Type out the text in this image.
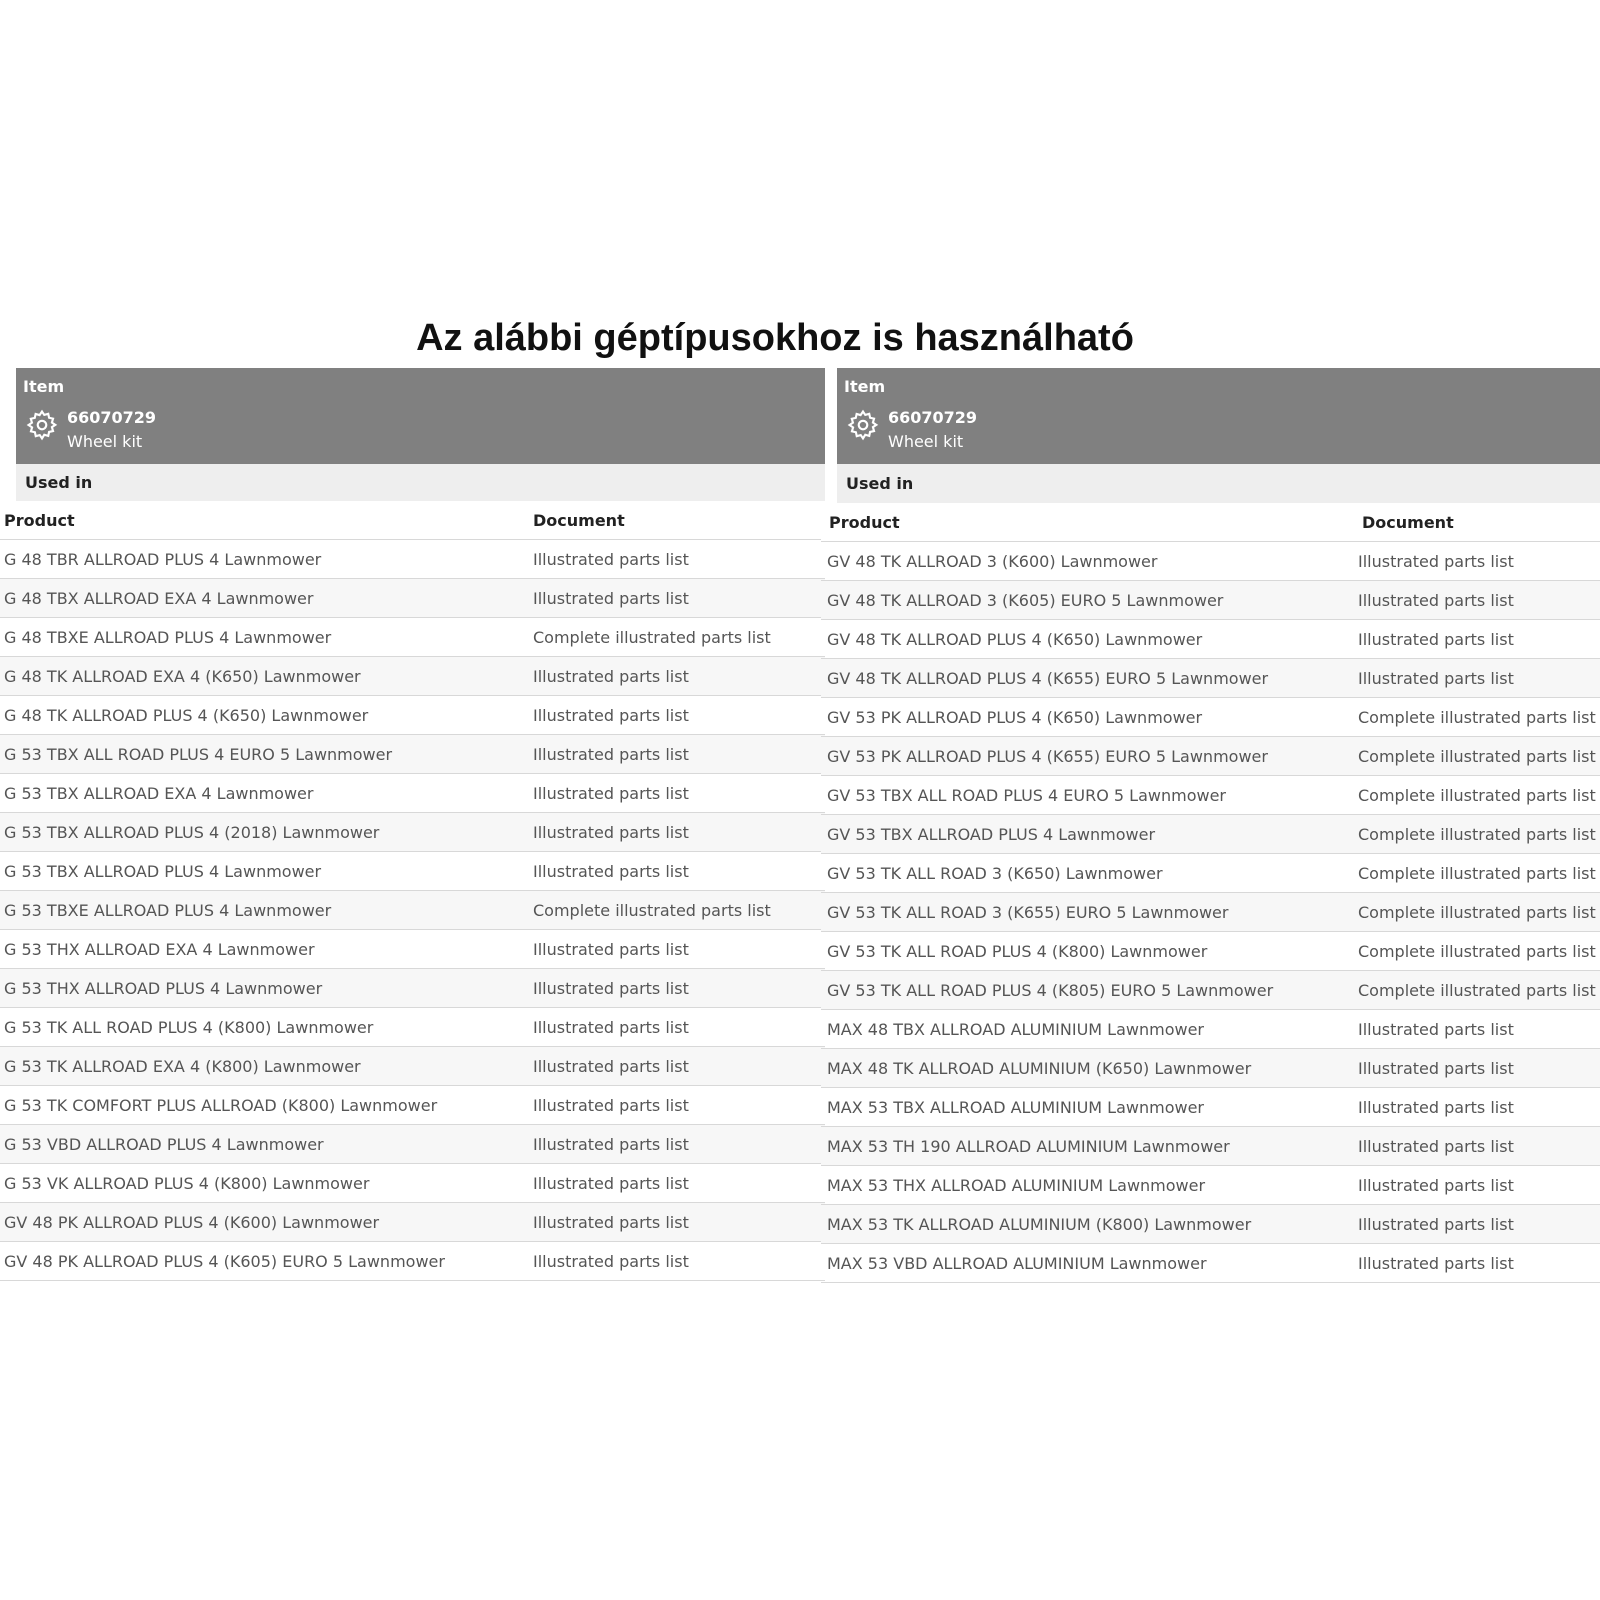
Az alábbi géptípusokhoz is használható
Item
66070729
Wheel kit
Used in
Product	Document
G 48 TBR ALLROAD PLUS 4 Lawnmower	Illustrated parts list
G 48 TBX ALLROAD EXA 4 Lawnmower	Illustrated parts list
G 48 TBXE ALLROAD PLUS 4 Lawnmower	Complete illustrated parts list
G 48 TK ALLROAD EXA 4 (K650) Lawnmower	Illustrated parts list
G 48 TK ALLROAD PLUS 4 (K650) Lawnmower	Illustrated parts list
G 53 TBX ALL ROAD PLUS 4 EURO 5 Lawnmower	Illustrated parts list
G 53 TBX ALLROAD EXA 4 Lawnmower	Illustrated parts list
G 53 TBX ALLROAD PLUS 4 (2018) Lawnmower	Illustrated parts list
G 53 TBX ALLROAD PLUS 4 Lawnmower	Illustrated parts list
G 53 TBXE ALLROAD PLUS 4 Lawnmower	Complete illustrated parts list
G 53 THX ALLROAD EXA 4 Lawnmower	Illustrated parts list
G 53 THX ALLROAD PLUS 4 Lawnmower	Illustrated parts list
G 53 TK ALL ROAD PLUS 4 (K800) Lawnmower	Illustrated parts list
G 53 TK ALLROAD EXA 4 (K800) Lawnmower	Illustrated parts list
G 53 TK COMFORT PLUS ALLROAD (K800) Lawnmower	Illustrated parts list
G 53 VBD ALLROAD PLUS 4 Lawnmower	Illustrated parts list
G 53 VK ALLROAD PLUS 4 (K800) Lawnmower	Illustrated parts list
GV 48 PK ALLROAD PLUS 4 (K600) Lawnmower	Illustrated parts list
GV 48 PK ALLROAD PLUS 4 (K605) EURO 5 Lawnmower	Illustrated parts list
Item
66070729
Wheel kit
Used in
Product	Document
GV 48 TK ALLROAD 3 (K600) Lawnmower	Illustrated parts list
GV 48 TK ALLROAD 3 (K605) EURO 5 Lawnmower	Illustrated parts list
GV 48 TK ALLROAD PLUS 4 (K650) Lawnmower	Illustrated parts list
GV 48 TK ALLROAD PLUS 4 (K655) EURO 5 Lawnmower	Illustrated parts list
GV 53 PK ALLROAD PLUS 4 (K650) Lawnmower	Complete illustrated parts list
GV 53 PK ALLROAD PLUS 4 (K655) EURO 5 Lawnmower	Complete illustrated parts list
GV 53 TBX ALL ROAD PLUS 4 EURO 5 Lawnmower	Complete illustrated parts list
GV 53 TBX ALLROAD PLUS 4 Lawnmower	Complete illustrated parts list
GV 53 TK ALL ROAD 3 (K650) Lawnmower	Complete illustrated parts list
GV 53 TK ALL ROAD 3 (K655) EURO 5 Lawnmower	Complete illustrated parts list
GV 53 TK ALL ROAD PLUS 4 (K800) Lawnmower	Complete illustrated parts list
GV 53 TK ALL ROAD PLUS 4 (K805) EURO 5 Lawnmower	Complete illustrated parts list
MAX 48 TBX ALLROAD ALUMINIUM Lawnmower	Illustrated parts list
MAX 48 TK ALLROAD ALUMINIUM (K650) Lawnmower	Illustrated parts list
MAX 53 TBX ALLROAD ALUMINIUM Lawnmower	Illustrated parts list
MAX 53 TH 190 ALLROAD ALUMINIUM Lawnmower	Illustrated parts list
MAX 53 THX ALLROAD ALUMINIUM Lawnmower	Illustrated parts list
MAX 53 TK ALLROAD ALUMINIUM (K800) Lawnmower	Illustrated parts list
MAX 53 VBD ALLROAD ALUMINIUM Lawnmower	Illustrated parts list
